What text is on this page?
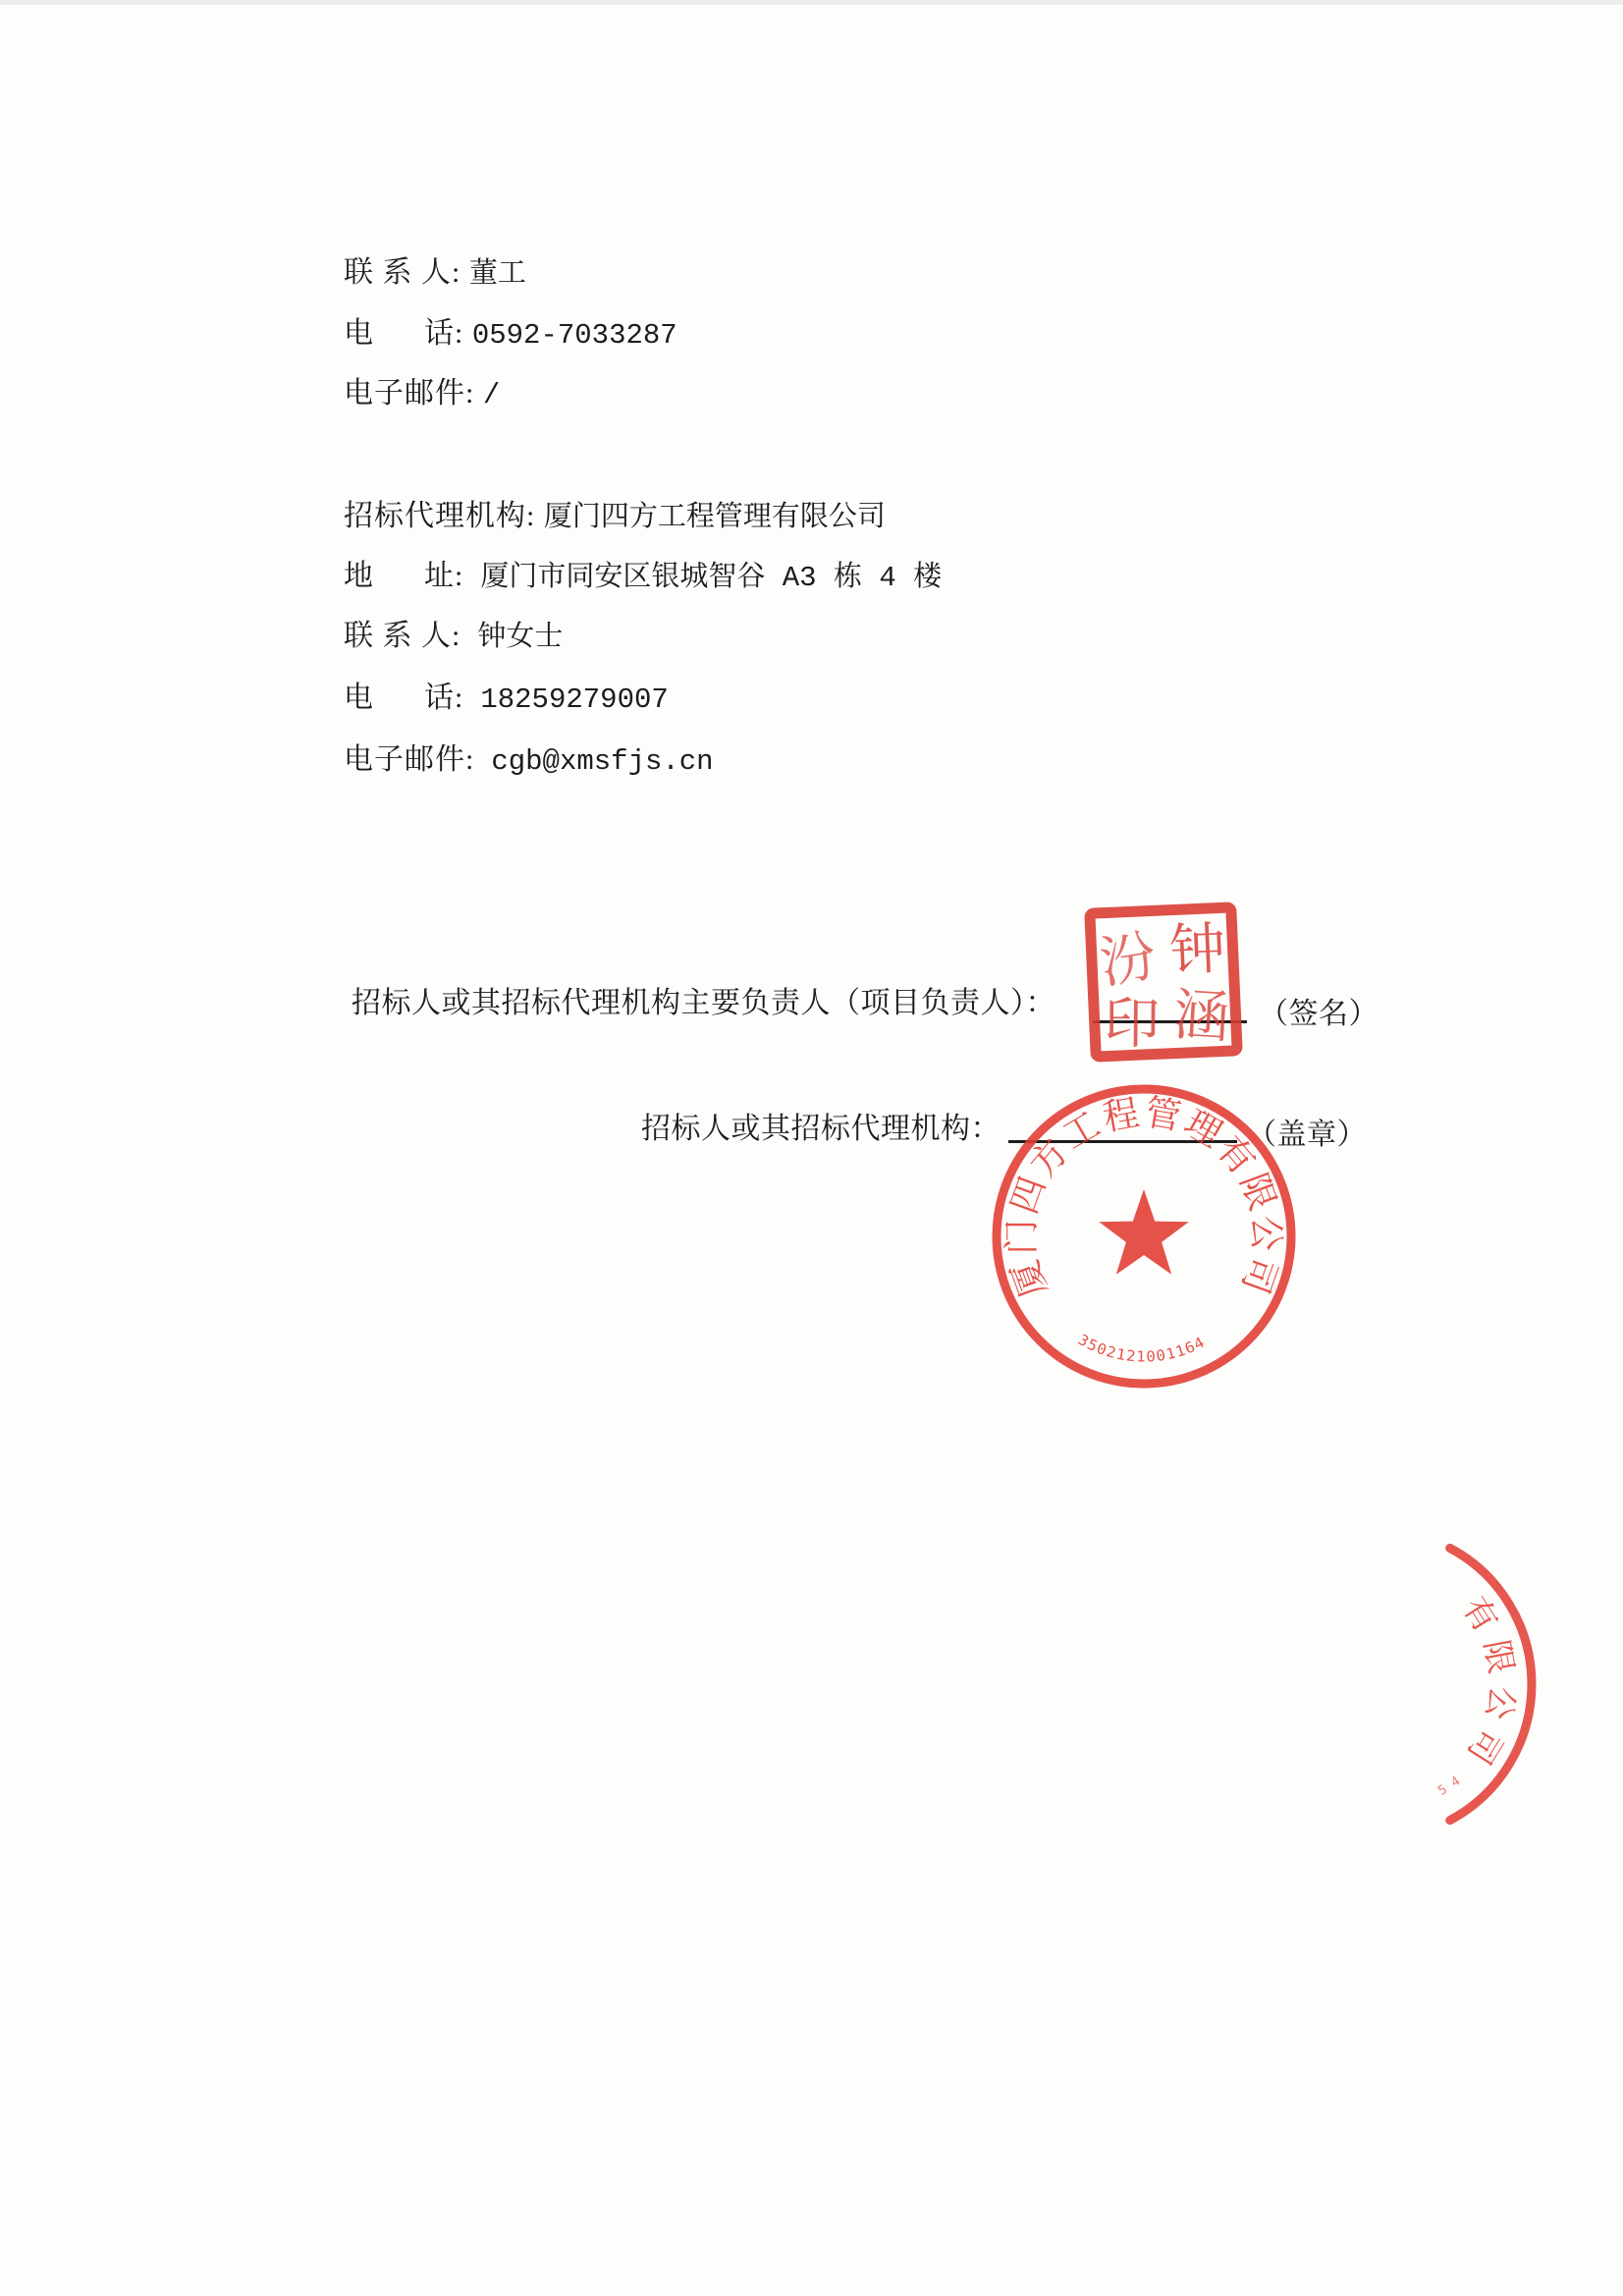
联 系 人: 董工
电      话: 0592-7033287
电子邮件: /
招标代理机构: 厦门四方工程管理有限公司
地      址:  厦门市同安区银城智谷 A3 栋 4 楼
联 系 人:  钟女士
电      话:  18259279007
电子邮件:  cgb@xmsfjs.cn
招标人或其招标代理机构主要负责人（项目负责人）：	（签名）
招标人或其招标代理机构：	（盖章）
汾 钟
印 涵
厦门四方工程管理有限公司
3502121001164
有限公司
5 4
